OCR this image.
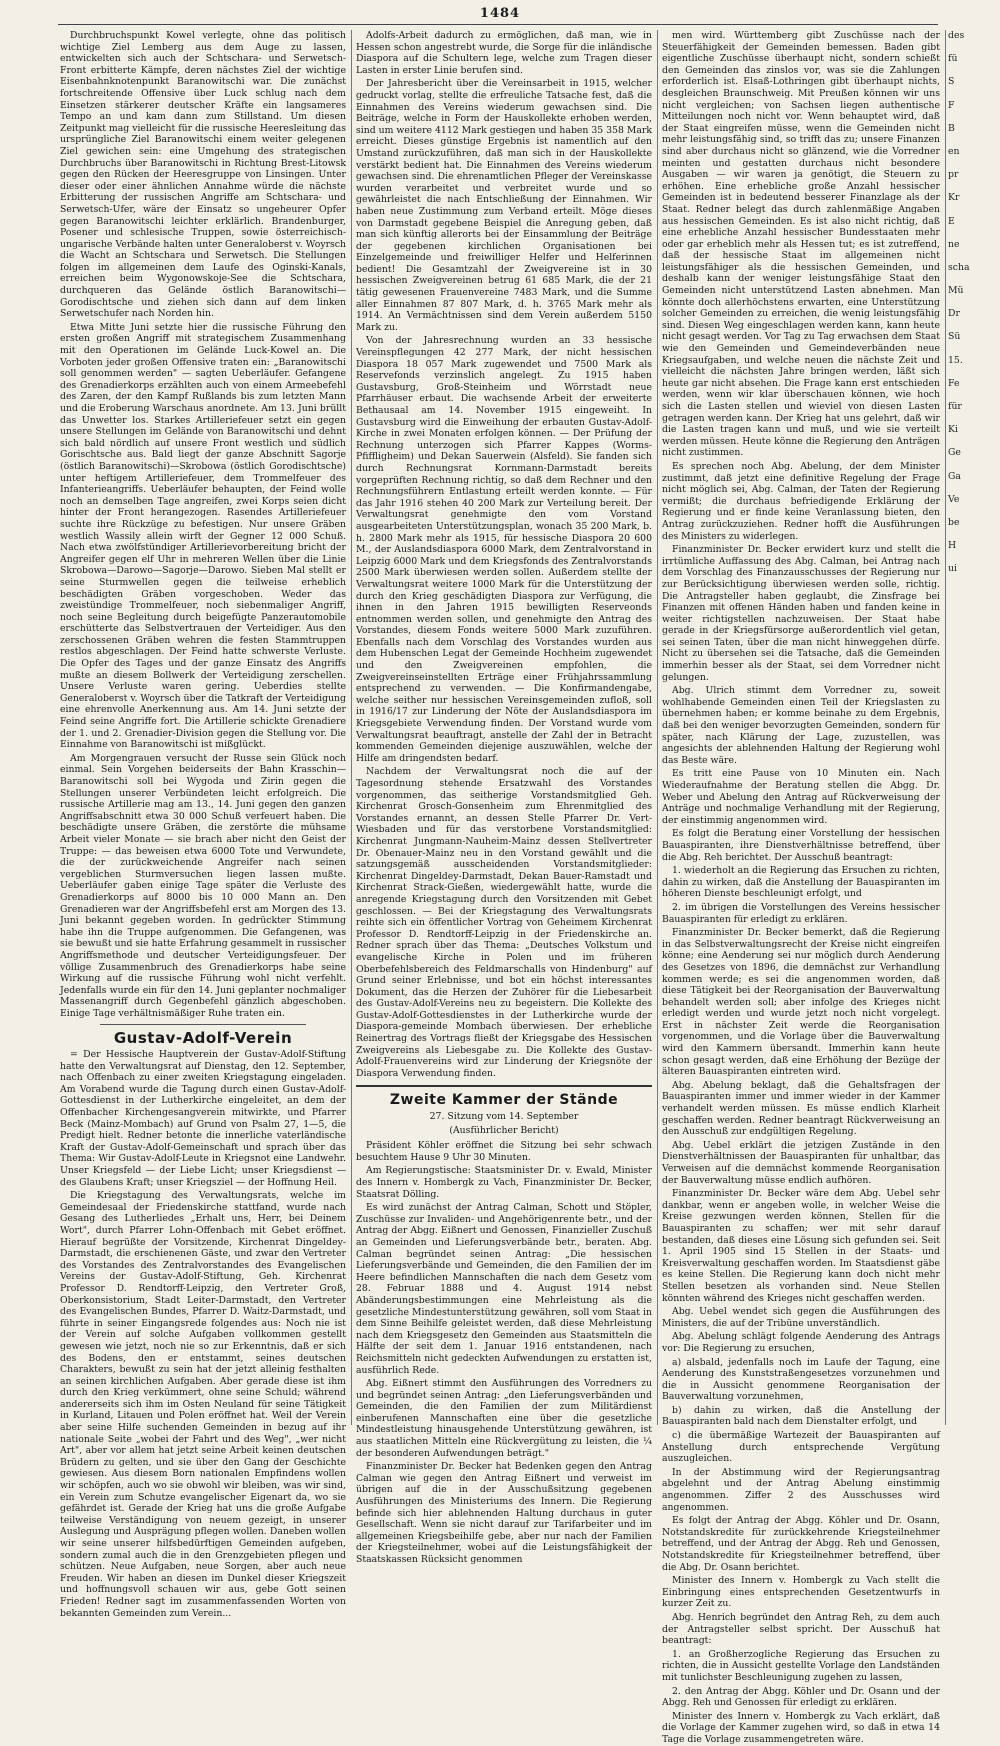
1484

Durchbruchspunkt Kowel verlegte, ohne das politisch wichtige Ziel Lemberg aus dem Auge zu lassen, entwickelten sich auch der Schtschara- und Serwetsch-Front erbitterte Kämpfe, deren nächstes Ziel der wichtige Eisenbahnknotenpunkt Baranowitschi war. Die zunächst fortschreitende Offensive über Luck schlug nach dem Einsetzen stärkerer deutscher Kräfte ein langsameres Tempo an und kam dann zum Stillstand. Um diesen Zeitpunkt mag vielleicht für die russische Heeresleitung das ursprüngliche Ziel Baranowitschi einem weiter gelegenen Ziel gewichen sein: eine Umgehung des strategischen Durchbruchs über Baranowitschi in Richtung Brest-Litowsk gegen den Rücken der Heeresgruppe von Linsingen. Unter dieser oder einer ähnlichen Annahme würde die nächste Erbitterung der russischen Angriffe am Schtschara- und Serwetsch-Ufer, wäre der Einsatz so ungeheurer Opfer gegen Baranowitschi leichter erklärlich. Brandenburger, Posener und schlesische Truppen, sowie österreichisch-ungarische Verbände halten unter Generaloberst v. Woyrsch die Wacht an Schtschara und Serwetsch. Die Stellungen folgen im allgemeinen dem Laufe des Oginski-Kanals, erreichen beim Wygonowskoje-See die Schtschara, durchqueren das Gelände östlich Baranowitschi—Gorodischtsche und ziehen sich dann auf dem linken Serwetschufer nach Norden hin.

Etwa Mitte Juni setzte hier die russische Führung den ersten großen Angriff mit strategischem Zusammenhang mit den Operationen im Gelände Luck-Kowel an. Die Vorboten jeder großen Offensive traten ein: „Baranowitschi soll genommen werden" — sagten Ueberläufer. Gefangene des Grenadierkorps erzählten auch von einem Armeebefehl des Zaren, der den Kampf Rußlands bis zum letzten Mann und die Eroberung Warschaus anordnete. Am 13. Juni brüllt das Unwetter los. Starkes Artilleriefeuer setzt ein gegen unsere Stellungen im Gelände von Baranowitschi und dehnt sich bald nördlich auf unsere Front westlich und südlich Gorischtsche aus. Bald liegt der ganze Abschnitt Sagorje (östlich Baranowitschi)—Skrobowa (östlich Gorodischtsche) unter heftigem Artilleriefeuer, dem Trommelfeuer des Infanterieangriffs. Ueberläufer behaupten, der Feind wolle noch an demselben Tage angreifen, zwei Korps seien dicht hinter der Front herangezogen. Rasendes Artilleriefeuer suchte ihre Rückzüge zu befestigen. Nur unsere Gräben westlich Wassily allein wirft der Gegner 12 000 Schuß. Nach etwa zwölfstündiger Artillerievorbereitung bricht der Angreifer gegen elf Uhr in mehreren Wellen über die Linie Skrobowa—Darowo—Sagorje—Darowo. Sieben Mal stellt er seine Sturmwellen gegen die teilweise erheblich beschädigten Gräben vorgeschoben. Weder das zweistündige Trommelfeuer, noch siebenmaliger Angriff, noch seine Begleitung durch beigefügte Panzerautomobile erschütterte das Selbstvertrauen der Verteidiger. Aus den zerschossenen Gräben wehren die festen Stammtruppen restlos abgeschlagen. Der Feind hatte schwerste Verluste. Die Opfer des Tages und der ganze Einsatz des Angriffs mußte an diesem Bollwerk der Verteidigung zerschellen. Unsere Verluste waren gering. Ueberdies stellte Generaloberst v. Woyrsch über die Tatkraft der Verteidigung eine ehrenvolle Anerkennung aus. Am 14. Juni setzte der Feind seine Angriffe fort. Die Artillerie schickte Grenadiere der 1. und 2. Grenadier-Division gegen die Stellung vor. Die Einnahme von Baranowitschi ist mißglückt.

Am Morgengrauen versucht der Russe sein Glück noch einmal. Sein Vorgehen beiderseits der Bahn Krasschin—Baranowitschi soll bei Wygoda und Zirin gegen die Stellungen unserer Verbündeten leicht erfolgreich. Die russische Artillerie mag am 13., 14. Juni gegen den ganzen Angriffsabschnitt etwa 30 000 Schuß verfeuert haben. Die beschädigte unsere Gräben, die zerstörte die mühsame Arbeit vieler Monate — sie brach aber nicht den Geist der Truppe: — das beweisen etwa 6000 Tote und Verwundete, die der zurückweichende Angreifer nach seinen vergeblichen Sturmversuchen liegen lassen mußte. Ueberläufer gaben einige Tage später die Verluste des Grenadierkorps auf 8000 bis 10 000 Mann an. Den Grenadieren war der Angriffsbefehl erst am Morgen des 13. Juni bekannt gegeben worden. In gedrückter Stimmung habe ihn die Truppe aufgenommen. Die Gefangenen, was sie bewußt und sie hatte Erfahrung gesammelt in russischer Angriffsmethode und deutscher Verteidigungsfeuer. Der völlige Zusammenbruch des Grenadierkorps habe seine Wirkung auf die russische Führung wohl nicht verfehlt. Jedenfalls wurde ein für den 14. Juni geplanter nochmaliger Massenangriff durch Gegenbefehl gänzlich abgeschoben. Einige Tage verhältnismäßiger Ruhe traten ein.

Gustav-Adolf-Verein

= Der Hessische Hauptverein der Gustav-Adolf-Stiftung hatte den Verwaltungsrat auf Dienstag, den 12. September, nach Offenbach zu einer zweiten Kriegstagung eingeladen. Am Vorabend wurde die Tagung durch einen Gustav-Adolf-Gottesdienst in der Lutherkirche eingeleitet, an dem der Offenbacher Kirchengesangverein mitwirkte, und Pfarrer Beck (Mainz-Mombach) auf Grund von Psalm 27, 1—5, die Predigt hielt. Redner betonte die innerliche vaterländische Kraft der Gustav-Adolf-Gemeinschaft und sprach über das Thema: Wir Gustav-Adolf-Leute in Kriegsnot eine Landwehr. Unser Kriegsfeld — der Liebe Licht; unser Kriegsdienst — des Glaubens Kraft; unser Kriegsziel — der Hoffnung Heil.

Die Kriegstagung des Verwaltungsrats, welche im Gemeindesaal der Friedenskirche stattfand, wurde nach Gesang des Lutherliedes „Erhalt uns, Herr, bei Deinem Wort", durch Pfarrer Lohn-Offenbach mit Gebet eröffnet. Hierauf begrüßte der Vorsitzende, Kirchenrat Dingeldey-Darmstadt, die erschienenen Gäste, und zwar den Vertreter des Vorstandes des Zentralvorstandes des Evangelischen Vereins der Gustav-Adolf-Stiftung, Geh. Kirchenrat Professor D. Rendtorff-Leipzig, den Vertreter Groß, Oberkonsistorium, Stadt Leiter-Darmstadt, den Vertreter des Evangelischen Bundes, Pfarrer D. Waitz-Darmstadt, und führte in seiner Eingangsrede folgendes aus: Noch nie ist der Verein auf solche Aufgaben vollkommen gestellt gewesen wie jetzt, noch nie so zur Erkenntnis, daß er sich des Bodens, den er entstammt, seines deutschen Charakters, bewußt zu sein hat der jetzt alleinig festhalten an seinen kirchlichen Aufgaben. Aber gerade diese ist ihm durch den Krieg verkümmert, ohne seine Schuld; während andererseits sich ihm im Osten Neuland für seine Tätigkeit in Kurland, Litauen und Polen eröffnet hat. Weil der Verein aber seine Hilfe suchenden Gemeinden in bezug auf ihr nationale Seite „wobei der Fahrt und des Weg", „wer nicht Art", aber vor allem hat jetzt seine Arbeit keinen deutschen Brüdern zu gelten, und sie über den Gang der Geschichte gewiesen. Aus diesem Born nationalen Empfindens wollen wir schöpfen, auch wo sie obwohl wir bleiben, was wir sind, ein Verein zum Schutze evangelischer Eigenart da, wo sie gefährdet ist. Gerade der Krieg hat uns die große Aufgabe teilweise Verständigung von neuem gezeigt, in unserer Auslegung und Ausprägung pflegen wollen. Daneben wollen wir seine unserer hilfsbedürftigen Gemeinden aufgeben, sondern zumal auch die in den Grenzgebieten pflegen und schützen. Neue Aufgaben, neue Sorgen, aber auch neue Freuden. Wir haben an diesen im Dunkel dieser Kriegszeit und hoffnungsvoll schauen wir aus, gebe Gott seinen Frieden! Redner sagt im zusammenfassenden Worten von bekannten Gemeinden zum Verein...

Adolfs-Arbeit dadurch zu ermöglichen, daß man, wie in Hessen schon angestrebt wurde, die Sorge für die inländische Diaspora auf die Schultern lege, welche zum Tragen dieser Lasten in erster Linie berufen sind.

Der Jahresbericht über die Vereinsarbeit in 1915, welcher gedruckt vorlag, stellte die erfreuliche Tatsache fest, daß die Einnahmen des Vereins wiederum gewachsen sind. Die Beiträge, welche in Form der Hauskollekte erhoben werden, sind um weitere 4112 Mark gestiegen und haben 35 358 Mark erreicht. Dieses günstige Ergebnis ist namentlich auf den Umstand zurückzuführen, daß man sich in der Hauskollekte verstärkt bedient hat. Die Einnahmen des Vereins wiederum gewachsen sind. Die ehrenamtlichen Pfleger der Vereinskasse wurden verarbeitet und verbreitet wurde und so gewährleistet die nach Entschließung der Einnahmen. Wir haben neue Zustimmung zum Verband erteilt. Möge dieses von Darmstadt gegebene Beispiel die Anregung geben, daß man sich künftig allerorts bei der Einsammlung der Beiträge der gegebenen kirchlichen Organisationen bei Einzelgemeinde und freiwilliger Helfer und Helferinnen bedient! Die Gesamtzahl der Zweigvereine ist in 30 hessischen Zweigvereinen betrug 61 685 Mark, die der 21 tätig gewesenen Frauenvereine 7483 Mark, und die Summe aller Einnahmen 87 807 Mark, d. h. 3765 Mark mehr als 1914. An Vermächtnissen sind dem Verein außerdem 5150 Mark zu.

Von der Jahresrechnung wurden an 33 hessische Vereinspflegungen 42 277 Mark, der nicht hessischen Diaspora 18 057 Mark zugewendet und 7500 Mark als Reservefonds verzinslich angelegt. Zu 1915 haben Gustavsburg, Groß-Steinheim und Wörrstadt neue Pfarrhäuser erbaut. Die wachsende Arbeit der erweiterte Bethausaal am 14. November 1915 eingeweiht. In Gustavsburg wird die Einweihung der erbauten Gustav-Adolf-Kirche in zwei Monaten erfolgen können. — Der Prüfung der Rechnung unterzogen sich Pfarrer Kappes (Worms-Pfiffligheim) und Dekan Sauerwein (Alsfeld). Sie fanden sich durch Rechnungsrat Kornmann-Darmstadt bereits vorgeprüften Rechnung richtig, so daß dem Rechner und den Rechnungsführern Entlastung erteilt werden konnte. — Für das Jahr 1916 stehen 40 200 Mark zur Verteilung bereit. Der Verwaltungsrat genehmigte den vom Vorstand ausgearbeiteten Unterstützungsplan, wonach 35 200 Mark, b. h. 2800 Mark mehr als 1915, für hessische Diaspora 20 600 M., der Auslandsdiaspora 6000 Mark, dem Zentralvorstand in Leipzig 6000 Mark und dem Kriegsfonds des Zentralvorstands 2500 Mark überwiesen werden sollen. Außerdem stellte der Verwaltungsrat weitere 1000 Mark für die Unterstützung der durch den Krieg geschädigten Diaspora zur Verfügung, die ihnen in den Jahren 1915 bewilligten Reserveonds entnommen werden sollen, und genehmigte den Antrag des Vorstandes, diesem Fonds weitere 5000 Mark zuzuführen. Ebenfalls nach dem Vorschlag des Vorstandes wurden aus dem Hubenschen Legat der Gemeinde Hochheim zugewendet und den Zweigvereinen empfohlen, die Zweigvereinseinstellten Erträge einer Frühjahrssammlung entsprechend zu verwenden. — Die Konfirmandengabe, welche seither nur hessischen Vereinsgemeinden zufloß, soll in 1916/17 zur Linderung der Nöte der Auslandsdiaspora im Kriegsgebiete Verwendung finden. Der Vorstand wurde vom Verwaltungsrat beauftragt, anstelle der Zahl der in Betracht kommenden Gemeinden diejenige auszuwählen, welche der Hilfe am dringendsten bedarf.

Nachdem der Verwaltungsrat noch die auf der Tagesordnung stehende Ersatzwahl des Vorstandes vorgenommen, das seitherige Vorstandsmitglied Geh. Kirchenrat Grosch-Gonsenheim zum Ehrenmitglied des Vorstandes ernannt, an dessen Stelle Pfarrer Dr. Vert-Wiesbaden und für das verstorbene Vorstandsmitglied: Kirchenrat Jungmann-Nauheim-Mainz dessen Stellvertreter Dr. Obenauer-Mainz neu in den Vorstand gewählt und die satzungsgemäß ausscheidenden Vorstandsmitglieder: Kirchenrat Dingeldey-Darmstadt, Dekan Bauer-Ramstadt und Kirchenrat Strack-Gießen, wiedergewählt hatte, wurde die anregende Kriegstagung durch den Vorsitzenden mit Gebet geschlossen. — Bei der Kriegstagung des Verwaltungsrats reihte sich ein öffentlicher Vortrag von Geheimem Kirchenrat Professor D. Rendtorff-Leipzig in der Friedenskirche an. Redner sprach über das Thema: „Deutsches Volkstum und evangelische Kirche in Polen und im früheren Oberbefehlsbereich des Feldmarschalls von Hindenburg" auf Grund seiner Erlebnisse, und bot ein höchst interessantes Dokument, das die Herzen der Zuhörer für die Liebesarbeit des Gustav-Adolf-Vereins neu zu begeistern. Die Kollekte des Gustav-Adolf-Gottesdienstes in der Lutherkirche wurde der Diaspora-gemeinde Mombach überwiesen. Der erhebliche Reinertrag des Vortrags fließt der Kriegsgabe des Hessischen Zweigvereins als Liebesgabe zu. Die Kollekte des Gustav-Adolf-Frauenvereins wird zur Linderung der Kriegsnöte der Diaspora Verwendung finden.

Zweite Kammer der Stände
27. Sitzung vom 14. September
(Ausführlicher Bericht)

Präsident Köhler eröffnet die Sitzung bei sehr schwach besuchtem Hause 9 Uhr 30 Minuten.

Am Regierungstische: Staatsminister Dr. v. Ewald, Minister des Innern v. Hombergk zu Vach, Finanzminister Dr. Becker, Staatsrat Dölling.

Es wird zunächst der Antrag Calman, Schott und Stöpler, Zuschüsse zur Invaliden- und Angehörigenrente betr., und der Antrag der Abgg. Eißnert und Genossen, Finanzieller Zuschuß an Gemeinden und Lieferungsverbände betr., beraten. Abg. Calman begründet seinen Antrag: „Die hessischen Lieferungsverbände und Gemeinden, die den Familien der im Heere befindlichen Mannschaften die nach dem Gesetz vom 28. Februar 1888 und 4. August 1914 nebst Abänderungsbestimmungen eine Mehrleistung als die gesetzliche Mindestunterstützung gewähren, soll vom Staat in dem Sinne Beihilfe geleistet werden, daß diese Mehrleistung nach dem Kriegsgesetz den Gemeinden aus Staatsmitteln die Hälfte der seit dem 1. Januar 1916 entstandenen, nach Reichsmitteln nicht gedeckten Aufwendungen zu erstatten ist, ausführlich Rede.

Abg. Eißnert stimmt den Ausführungen des Vorredners zu und begründet seinen Antrag: „den Lieferungsverbänden und Gemeinden, die den Familien der zum Militärdienst einberufenen Mannschaften eine über die gesetzliche Mindestleistung hinausgehende Unterstützung gewähren, ist aus staatlichen Mitteln eine Rückvergütung zu leisten, die ¼ der besonderen Aufwendungen beträgt."

Finanzminister Dr. Becker hat Bedenken gegen den Antrag Calman wie gegen den Antrag Eißnert und verweist im übrigen auf die in der Ausschußsitzung gegebenen Ausführungen des Ministeriums des Innern. Die Regierung befinde sich hier ablehnenden Haltung durchaus in guter Gesellschaft. Wenn sie nicht darauf zur Tarifarbeiter und im allgemeinen Kriegsbeihilfe gebe, aber nur nach der Familien der Kriegsteilnehmer, wobei auf die Leistungsfähigkeit der Staatskassen Rücksicht genommen

men wird. Württemberg gibt Zuschüsse nach der Steuerfähigkeit der Gemeinden bemessen. Baden gibt eigentliche Zuschüsse überhaupt nicht, sondern schießt den Gemeinden das zinslos vor, was sie die Zahlungen erforderlich ist. Elsaß-Lothringen gibt überhaupt nichts, desgleichen Braunschweig. Mit Preußen können wir uns nicht vergleichen; von Sachsen liegen authentische Mitteilungen noch nicht vor. Wenn behauptet wird, daß der Staat eingreifen müsse, wenn die Gemeinden nicht mehr leistungsfähig sind, so trifft das zu; unsere Finanzen sind aber durchaus nicht so glänzend, wie die Vorredner meinten und gestatten durchaus nicht besondere Ausgaben — wir waren ja genötigt, die Steuern zu erhöhen. Eine erhebliche große Anzahl hessischer Gemeinden ist in bedeutend besserer Finanzlage als der Staat. Redner belegt das durch zahlenmäßige Angaben aus hessischen Gemeinden. Es ist also nicht richtig, daß eine erhebliche Anzahl hessischer Bundesstaaten mehr oder gar erheblich mehr als Hessen tut; es ist zutreffend, daß der hessische Staat im allgemeinen nicht leistungsfähiger als die hessischen Gemeinden, und deshalb kann der weniger leistungsfähige Staat den Gemeinden nicht unterstützend Lasten abnehmen. Man könnte doch allerhöchstens erwarten, eine Unterstützung solcher Gemeinden zu erreichen, die wenig leistungsfähig sind. Diesen Weg eingeschlagen werden kann, kann heute nicht gesagt werden. Vor Tag zu Tag erwachsen dem Staat wie den Gemeinden und Gemeindeverbänden neue Kriegsaufgaben, und welche neuen die nächste Zeit und vielleicht die nächsten Jahre bringen werden, läßt sich heute gar nicht absehen. Die Frage kann erst entschieden werden, wenn wir klar überschauen können, wie hoch sich die Lasten stellen und wieviel von diesen Lasten getragen werden kann. Der Krieg hat uns gelehrt, daß wir die Lasten tragen kann und muß, und wie sie verteilt werden müssen. Heute könne die Regierung den Anträgen nicht zustimmen.

Es sprechen noch Abg. Abelung, der dem Minister zustimmt, daß jetzt eine definitive Regelung der Frage nicht möglich sei, Abg. Calman, der Taten der Regierung vermißt; die durchaus befriedigende Erklärung der Regierung und er finde keine Veranlassung bieten, den Antrag zurückzuziehen. Redner hofft die Ausführungen des Ministers zu widerlegen.

Finanzminister Dr. Becker erwidert kurz und stellt die irrtümliche Auffassung des Abg. Calman, bei Antrag nach dem Vorschlag des Finanzausschusses der Regierung nur zur Berücksichtigung überwiesen werden solle, richtig. Die Antragsteller haben geglaubt, die Zinsfrage bei Finanzen mit offenen Händen haben und fanden keine in weiter richtigstellen nachzuweisen. Der Staat habe gerade in der Kriegsfürsorge außerordentlich viel getan, sei seinen Taten, über die man nicht hinweggehen dürfe. Nicht zu übersehen sei die Tatsache, daß die Gemeinden immerhin besser als der Staat, sei dem Vorredner nicht gelungen.

Abg. Ulrich stimmt dem Vorredner zu, soweit wohlhabende Gemeinden einen Teil der Kriegslasten zu übernehmen haben; er komme beinahe zu dem Ergebnis, daß bei den weniger bevorzugten Gemeinden, sondern für später, nach Klärung der Lage, zuzustellen, was angesichts der ablehnenden Haltung der Regierung wohl das Beste wäre.

Es tritt eine Pause von 10 Minuten ein. Nach Wiederaufnahme der Beratung stellen die Abgg. Dr. Weber und Abelung den Antrag auf Rückverweisung der Anträge und nochmalige Verhandlung mit der Regierung, der einstimmig angenommen wird.

Es folgt die Beratung einer Vorstellung der hessischen Bauaspiranten, ihre Dienstverhältnisse betreffend, über die Abg. Reh berichtet. Der Ausschuß beantragt:

1. wiederholt an die Regierung das Ersuchen zu richten, dahin zu wirken, daß die Anstellung der Bauaspiranten im höheren Dienste beschleunigt erfolgt, und

2. im übrigen die Vorstellungen des Vereins hessischer Bauaspiranten für erledigt zu erklären.

Finanzminister Dr. Becker bemerkt, daß die Regierung in das Selbstverwaltungsrecht der Kreise nicht eingreifen könne; eine Aenderung sei nur möglich durch Aenderung des Gesetzes von 1896, die demnächst zur Verhandlung kommen werde; es sei die angenommen worden, daß diese Tätigkeit bei der Reorganisation der Bauverwaltung behandelt werden soll; aber infolge des Krieges nicht erledigt werden und wurde jetzt noch nicht vorgelegt. Erst in nächster Zeit werde die Reorganisation vorgenommen, und die Vorlage über die Bauverwaltung wird den Kammern übersandt. Immerhin kann heute schon gesagt werden, daß eine Erhöhung der Bezüge der älteren Bauaspiranten eintreten wird.

Abg. Abelung beklagt, daß die Gehaltsfragen der Bauaspiranten immer und immer wieder in der Kammer verhandelt werden müssen. Es müsse endlich Klarheit geschaffen werden. Redner beantragt Rückverweisung an den Ausschuß zur endgültigen Regelung.

Abg. Uebel erklärt die jetzigen Zustände in den Dienstverhältnissen der Bauaspiranten für unhaltbar, das Verweisen auf die demnächst kommende Reorganisation der Bauverwaltung müsse endlich aufhören.

Finanzminister Dr. Becker wäre dem Abg. Uebel sehr dankbar, wenn er angeben wolle, in welcher Weise die Kreise gezwungen werden können, Stellen für die Bauaspiranten zu schaffen; wer mit sehr darauf bestanden, daß dieses eine Lösung sich gefunden sei. Seit 1. April 1905 sind 15 Stellen in der Staats- und Kreisverwaltung geschaffen worden. Im Staatsdienst gäbe es keine Stellen. Die Regierung kann doch nicht mehr Stellen besetzen als vorhanden sind. Neue Stellen könnten während des Krieges nicht geschaffen werden.

Abg. Uebel wendet sich gegen die Ausführungen des Ministers, die auf der Tribüne unverständlich.

Abg. Abelung schlägt folgende Aenderung des Antrags vor: Die Regierung zu ersuchen,

a) alsbald, jedenfalls noch im Laufe der Tagung, eine Aenderung des Kunststraßengesetzes vorzunehmen und die in Aussicht genommene Reorganisation der Bauverwaltung vorzunehmen,

b) dahin zu wirken, daß die Anstellung der Bauaspiranten bald nach dem Dienstalter erfolgt, und

c) die übermäßige Wartezeit der Bauaspiranten auf Anstellung durch entsprechende Vergütung auszugleichen.

In der Abstimmung wird der Regierungsantrag abgelehnt und der Antrag Abelung einstimmig angenommen. Ziffer 2 des Ausschusses wird angenommen.

Es folgt der Antrag der Abgg. Köhler und Dr. Osann, Notstandskredite für zurückkehrende Kriegsteilnehmer betreffend, und der Antrag der Abgg. Reh und Genossen, Notstandskredite für Kriegsteilnehmer betreffend, über die Abg. Dr. Osann berichtet.

Minister des Innern v. Hombergk zu Vach stellt die Einbringung eines entsprechenden Gesetzentwurfs in kurzer Zeit zu.

Abg. Henrich begründet den Antrag Reh, zu dem auch der Antragsteller selbst spricht. Der Ausschuß hat beantragt:

1. an Großherzogliche Regierung das Ersuchen zu richten, die in Aussicht gestellte Vorlage den Landständen mit tunlichster Beschleunigung zugehen zu lassen,

2. den Antrag der Abgg. Köhler und Dr. Osann und der Abgg. Reh und Genossen für erledigt zu erklären.

Minister des Innern v. Hombergk zu Vach erklärt, daß die Vorlage der Kammer zugehen wird, so daß in etwa 14 Tage die Vorlage zusammengetreten wäre.

des
fü
S
F
B
en
pr
Kr
E
ne
scha
Mü
Dr
Sü
15.
Fe
für
Ki
Ge
Ga
Ve
be
H
ui
